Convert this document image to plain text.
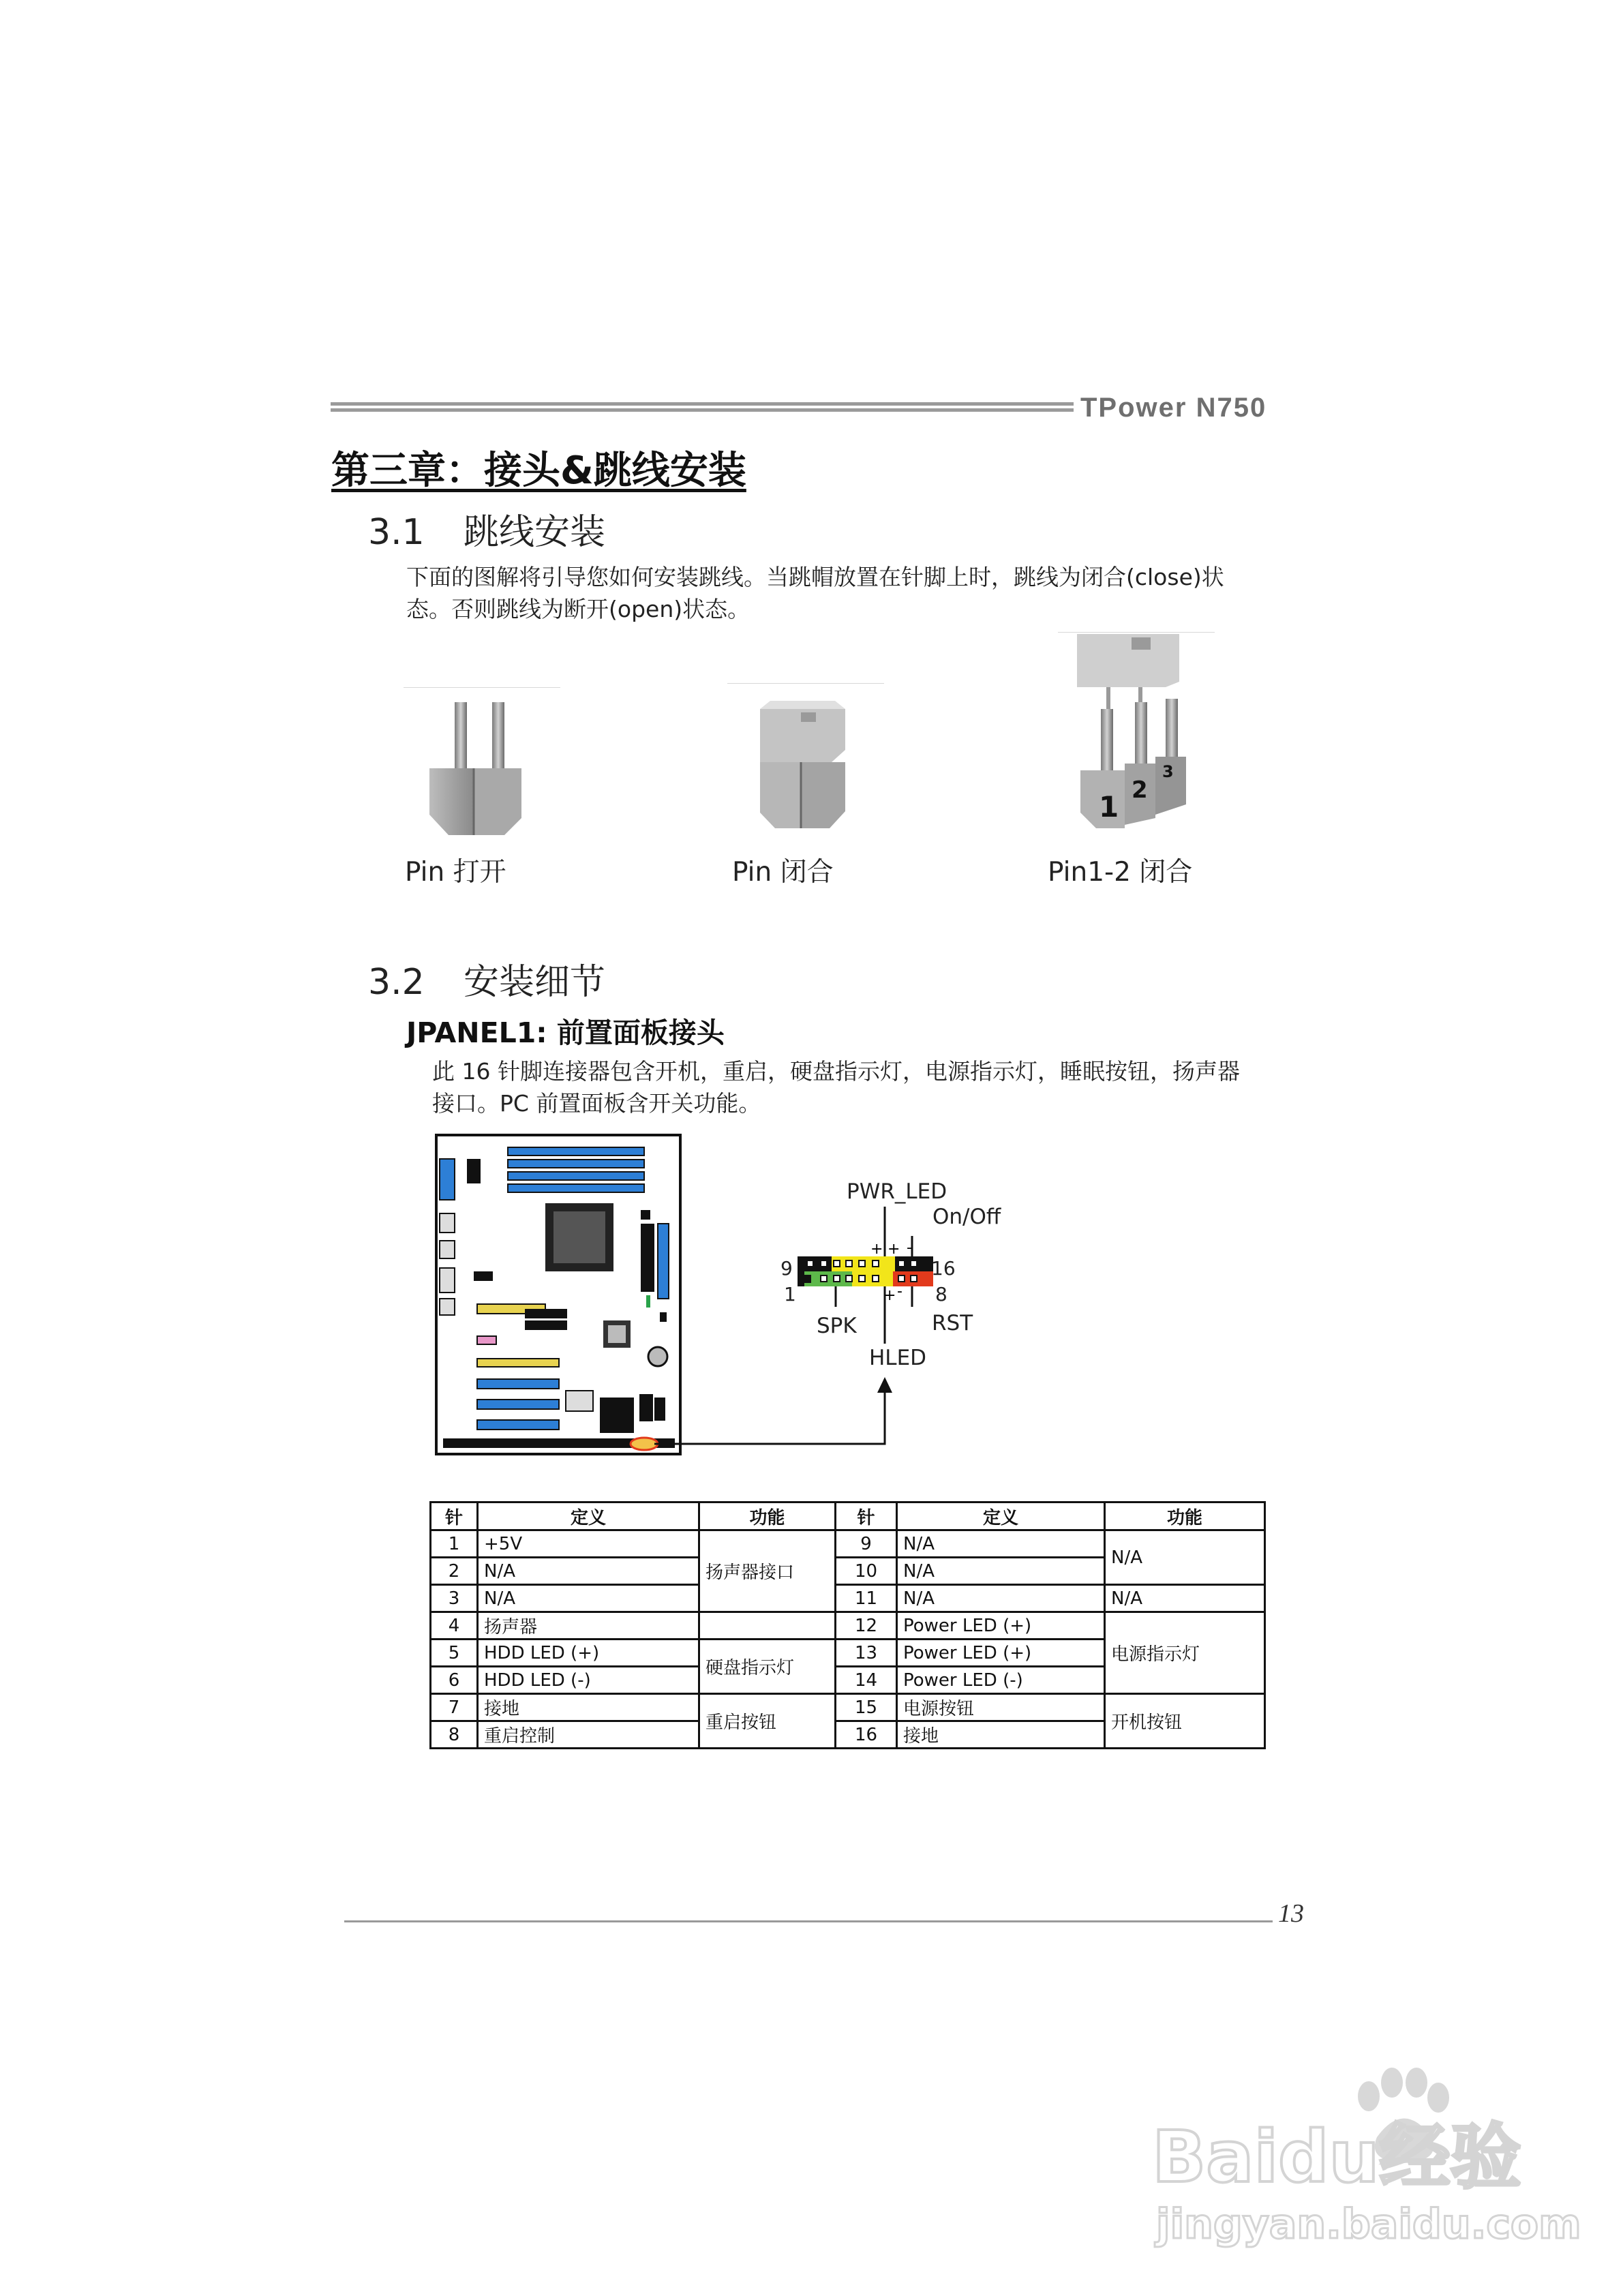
TPower N750
第三章：接头&跳线安装
3.1 跳线安装
下面的图解将引导您如何安装跳线。当跳帽放置在针脚上时，跳线为闭合(close)状
态。否则跳线为断开(open)状态。
Pin 打开	Pin 闭合
1 2
3
Pin1-2 闭合
3.2 安装细节
JPANEL1: 前置面板接头
此 16 针脚连接器包含开机，重启，硬盘指示灯，电源指示灯，睡眠按钮，扬声器
接口。PC 前置面板含开关功能。
+ + -
+ -
PWR_LED
On/Off
9
1
16
8
SPK	RST
HLED
针	定义	功能	针	定义	功能
1	+5V	扬声器接口	9	N/A	N/A
2	N/A		10	N/A	
3	N/A		11	N/A	N/A
4	扬声器		12	Power LED (+)	电源指示灯
5	HDD LED (+)	硬盘指示灯	13	Power LED (+)	
6	HDD LED (-)		14	Power LED (-)	
7	接地	重启按钮	15	电源按钮	开机按钮
8	重启控制		16	接地	
13
Baidu经验
jingyan.baidu.com
